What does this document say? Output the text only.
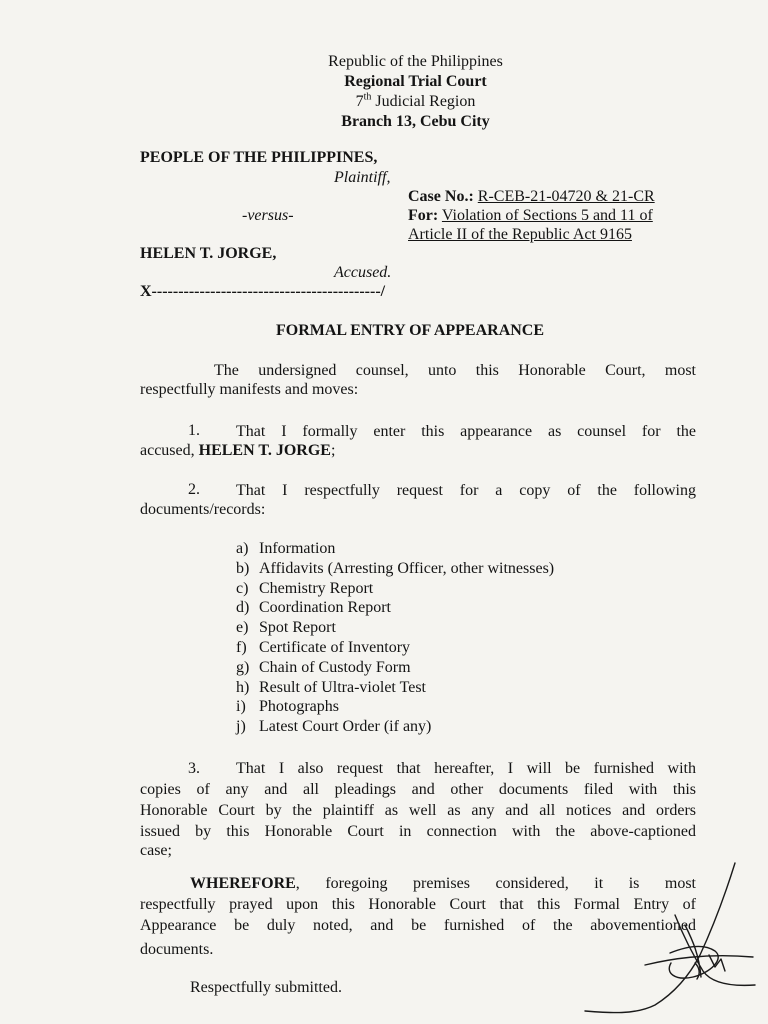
Republic of the Philippines
Regional Trial Court
7th Judicial Region
Branch 13, Cebu City
PEOPLE OF THE PHILIPPINES,
Plaintiff,
-versus-
HELEN T. JORGE,
Accused.
X-------------------------------------------/
Case No.: R-CEB-21-04720 & 21-CR
For: Violation of Sections 5 and 11 of
Article II of the Republic Act 9165
FORMAL ENTRY OF APPEARANCE
The undersigned counsel, unto this Honorable Court, most
respectfully manifests and moves:
1. That I formally enter this appearance as counsel for the
accused, HELEN T. JORGE;
2. That I respectfully request for a copy of the following
documents/records:
a) Information
b) Affidavits (Arresting Officer, other witnesses)
c) Chemistry Report
d) Coordination Report
e) Spot Report
f) Certificate of Inventory
g) Chain of Custody Form
h) Result of Ultra-violet Test
i) Photographs
j) Latest Court Order (if any)
3. That I also request that hereafter, I will be furnished with
copies of any and all pleadings and other documents filed with this
Honorable Court by the plaintiff as well as any and all notices and orders
issued by this Honorable Court in connection with the above-captioned
case;
WHEREFORE, foregoing premises considered, it is most
respectfully prayed upon this Honorable Court that this Formal Entry of
Appearance be duly noted, and be furnished of the abovementioned
documents.
Respectfully submitted.
